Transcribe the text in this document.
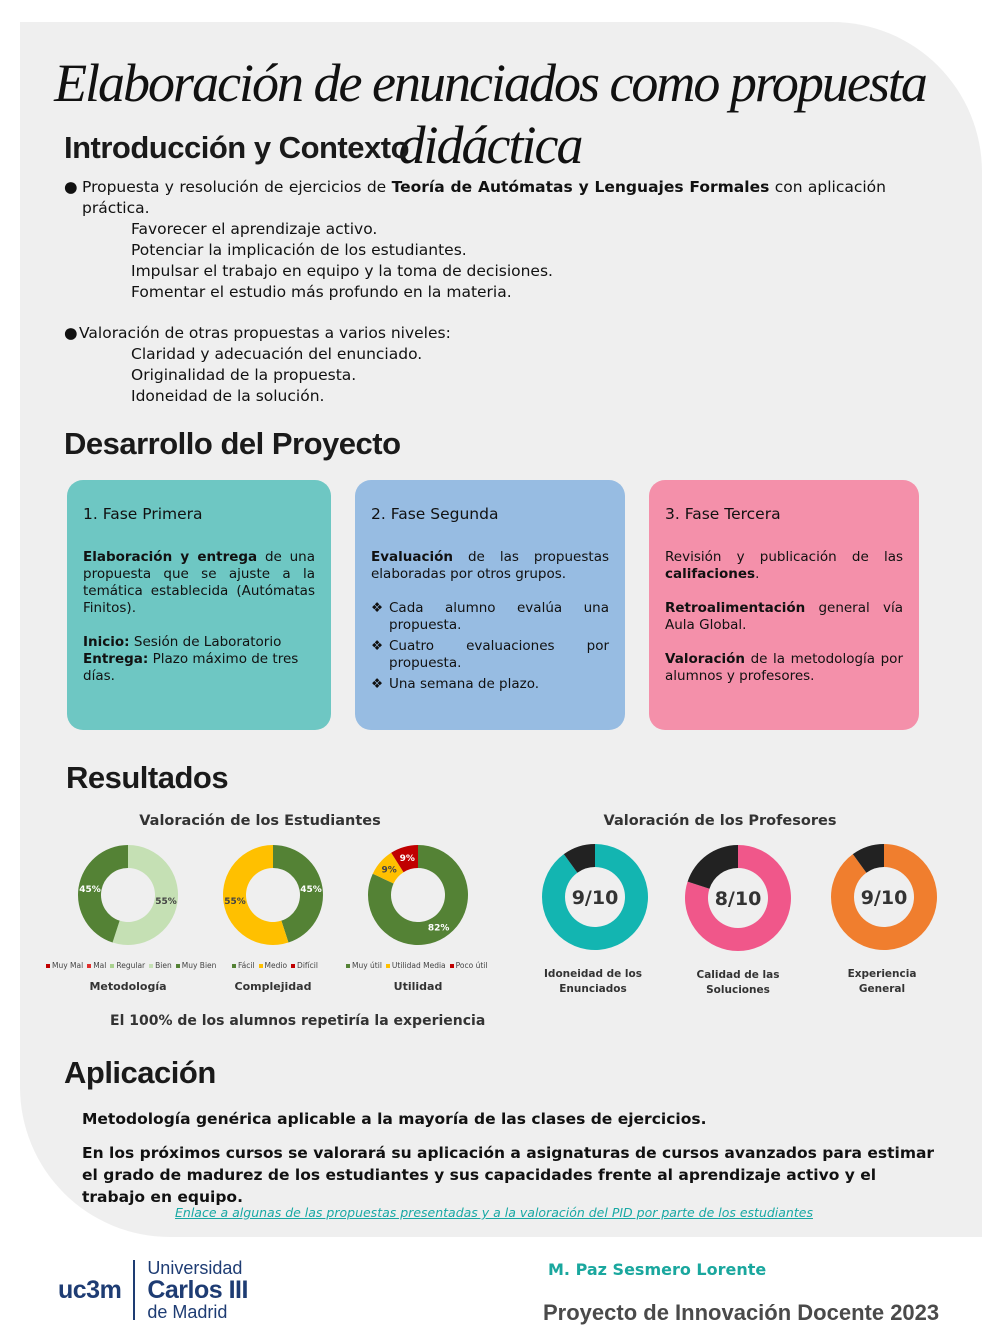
Elaboración de enunciados como propuesta didáctica
Introducción y Contexto
● Propuesta y resolución de ejercicios de Teoría de Autómatas y Lenguajes Formales con aplicación práctica.
Favorecer el aprendizaje activo.
Potenciar la implicación de los estudiantes.
Impulsar el trabajo en equipo y la toma de decisiones.
Fomentar el estudio más profundo en la materia.
● Valoración de otras propuestas a varios niveles:
Claridad y adecuación del enunciado.
Originalidad de la propuesta.
Idoneidad de la solución.
Desarrollo del Proyecto
1. Fase Primera

Elaboración y entrega de una propuesta que se ajuste a la temática establecida (Autómatas Finitos).

Inicio: Sesión de Laboratorio
Entrega: Plazo máximo de tres días.
2. Fase Segunda

Evaluación de las propuestas elaboradas por otros grupos.

❖ Cada alumno evalúa una propuesta.
❖ Cuatro evaluaciones por propuesta.
❖ Una semana de plazo.
3. Fase Tercera

Revisión y publicación de las califaciones.

Retroalimentación general vía Aula Global.

Valoración de la metodología por alumnos y profesores.

Resultados
Valoración de los Estudiantes	Valoración de los Profesores
55%
45%	45%
55%
82%
9%
9%
9/10	8/10	9/10
Muy Mal Mal Regular Bien Muy Bien	Fácil Medio Difícil	Muy útil Utilidad Media Poco útil
Metodología	Complejidad	Utilidad
Idoneidad de los Enunciados
Calidad de las Soluciones
Experiencia General
El 100% de los alumnos repetiría la experiencia
Aplicación
Metodología genérica aplicable a la mayoría de las clases de ejercicios.
En los próximos cursos se valorará su aplicación a asignaturas de cursos avanzados para estimar el grado de madurez de los estudiantes y sus capacidades frente al aprendizaje activo y el trabajo en equipo.
Enlace a algunas de las propuestas presentadas y a la valoración del PID por parte de los estudiantes
uc3m
Universidad
Carlos III
de Madrid
M. Paz Sesmero Lorente
Proyecto de Innovación Docente 2023
